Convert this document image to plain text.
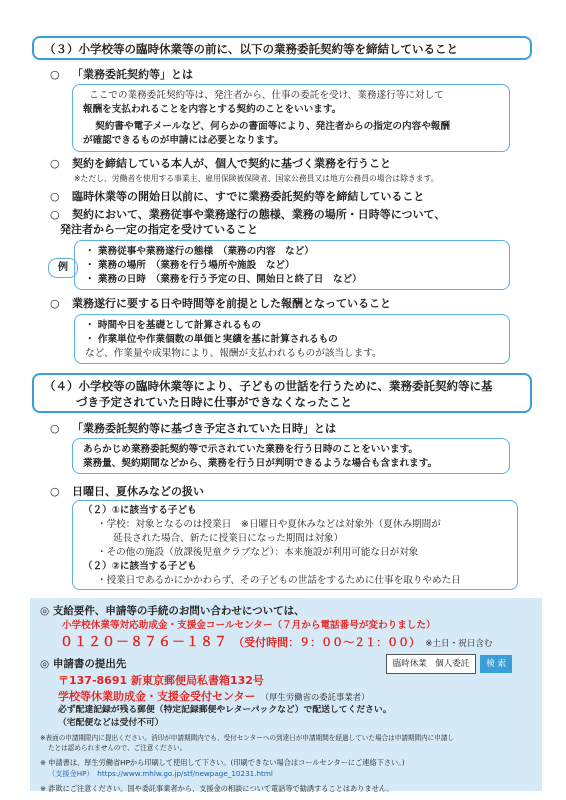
（３）小学校等の臨時休業等の前に、以下の業務委託契約等を締結していること
○ 「業務委託契約等」とは

ここでの業務委託契約等は、発注者から、仕事の委託を受け、業務遂行等に対して

報酬を支払われることを内容とする契約のことをいいます。

契約書や電子メールなど、何らかの書面等により、発注者からの指定の内容や報酬

が確認できるものが申請には必要となります。

○ 契約を締結している本人が、個人で契約に基づく業務を行うこと
※ただし、労働者を使用する事業主、雇用保険被保険者、国家公務員又は地方公務員の場合は除きます。
○ 臨時休業等の開始日以前に、すでに業務委託契約等を締結していること
○ 契約において、業務従事や業務遂行の態様、業務の場所・日時等について、
発注者から一定の指定を受けていること
例

・ 業務従事や業務遂行の態様　（業務の内容　など）

・ 業務の場所　（業務を行う場所や施設　など）

・ 業務の日時　（業務を行う予定の日、開始日と終了日　など）

○ 業務遂行に要する日や時間等を前提とした報酬となっていること

・ 時間や日を基礎として計算されるもの

・ 作業単位や作業個数の単価と実績を基に計算されるもの

など、作業量や成果物により、報酬が支払われるものが該当します。

（４）小学校等の臨時休業等により、子どもの世話を行うために、業務委託契約等に基
づき予定されていた日時に仕事ができなくなったこと
○ 「業務委託契約等に基づき予定されていた日時」とは

あらかじめ業務委託契約等で示されていた業務を行う日時のことをいいます。

業務量、契約期間などから、業務を行う日が判明できるような場合も含まれます。

○ 日曜日、夏休みなどの扱い

（２）①に該当する子ども

・学校：対象となるのは授業日　※日曜日や夏休みなどは対象外（夏休み期間が

延長された場合、新たに授業日になった期間は対象）

・その他の施設（放課後児童クラブなど）：本来施設が利用可能な日が対象

（２）②に該当する子ども

・授業日であるかにかかわらず、その子どもの世話をするために仕事を取りやめた日

◎ 支給要件、申請等の手続のお問い合わせについては、
小学校休業等対応助成金・支援金コールセンター（７月から電話番号が変わりました）
０１２０－８７６－１８７ （受付時間：９：００～２１：００） ※土日・祝日含む
◎ 申請書の提出先	臨時休業　個人委託 検 索
〒137-8691 新東京郵便局私書箱132号
学校等休業助成金・支援金受付センター （厚生労働省の委託事業者）
必ず配達記録が残る郵便（特定記録郵便やレターパックなど）で配送してください。
（宅配便などは受付不可）
※表面の申請期限内に提出ください。消印が申請期間内でも、受付センターへの到達日が申請期間を経過していた場合は申請期間内に申請し
たとは認められませんので、ご注意ください。
※ 申請書は、厚生労働省HPから印刷して使用して下さい。(印刷できない場合はコールセンターにご連絡下さい。)
（支援金HP）　https://www.mhlw.go.jp/stf/newpage_10231.html
※ 詐欺にご注意ください。国や委託事業者から、支援金の相談について電話等で勧誘することはありません。
